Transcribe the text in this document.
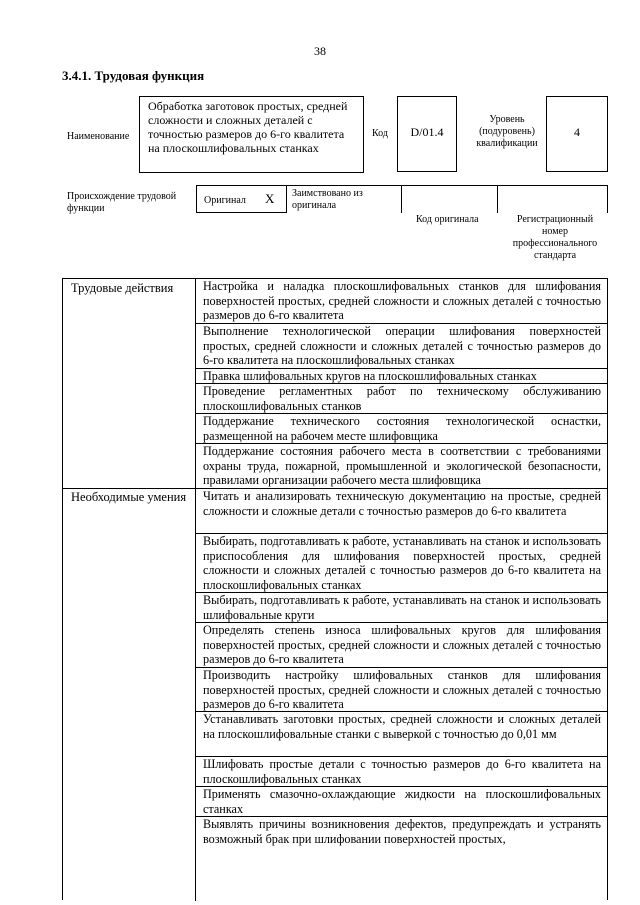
38
3.4.1. Трудовая функция
Наименование
Обработка заготовок простых, средней сложности и сложных деталей с точностью размеров до 6-го квалитета на плоскошлифовальных станках
Код	D/01.4
Уровень (подуровень) квалификации
4
Происхождение трудовой функции
Оригинал X Заимствовано из оригинала
Код оригинала	Регистрационный номер профессионального стандарта
Трудовые действия Настройка и наладка плоскошлифовальных станков для шлифования поверхностей простых, средней сложности и сложных деталей с точностью размеров до 6-го квалитета
Выполнение технологической операции шлифования поверхностей простых, средней сложности и сложных деталей с точностью размеров до 6-го квалитета на плоскошлифовальных станках
Правка шлифовальных кругов на плоскошлифовальных станках
Проведение регламентных работ по техническому обслуживанию плоскошлифовальных станков
Поддержание технического состояния технологической оснастки, размещенной на рабочем месте шлифовщика
Поддержание состояния рабочего места в соответствии с требованиями охраны труда, пожарной, промышленной и экологической безопасности, правилами организации рабочего места шлифовщика
Необходимые умения Читать и анализировать техническую документацию на простые, средней сложности и сложные детали с точностью размеров до 6-го квалитета
Выбирать, подготавливать к работе, устанавливать на станок и использовать приспособления для шлифования поверхностей простых, средней сложности и сложных деталей с точностью размеров до 6-го квалитета на плоскошлифовальных станках
Выбирать, подготавливать к работе, устанавливать на станок и использовать шлифовальные круги
Определять степень износа шлифовальных кругов для шлифования поверхностей простых, средней сложности и сложных деталей с точностью размеров до 6-го квалитета
Производить настройку шлифовальных станков для шлифования поверхностей простых, средней сложности и сложных деталей с точностью размеров до 6-го квалитета
Устанавливать заготовки простых, средней сложности и сложных деталей на плоскошлифовальные станки с выверкой с точностью до 0,01 мм
Шлифовать простые детали с точностью размеров до 6-го квалитета на плоскошлифовальных станках
Применять смазочно-охлаждающие жидкости на плоскошлифовальных станках
Выявлять причины возникновения дефектов, предупреждать и устранять возможный брак при шлифовании поверхностей простых,
